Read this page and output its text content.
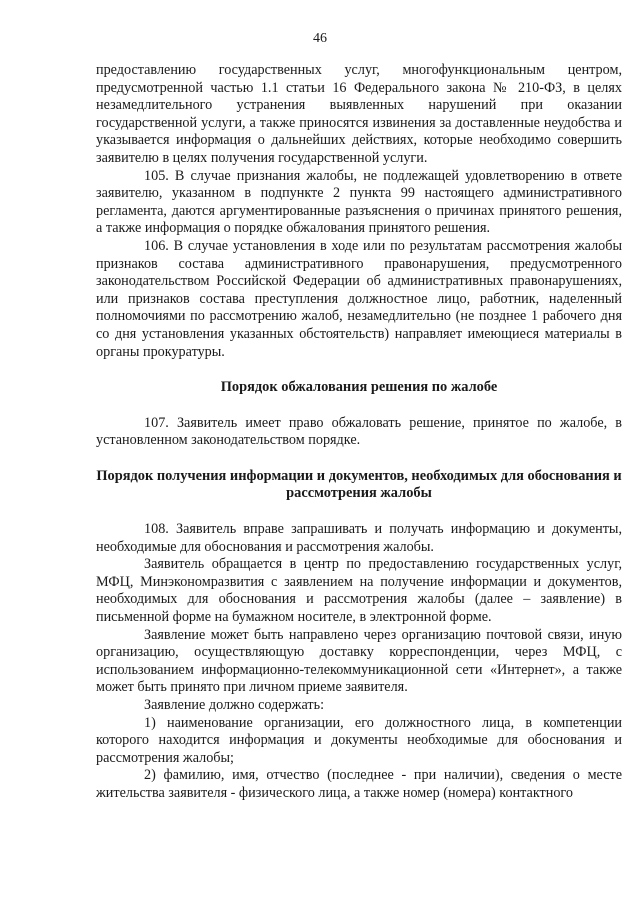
46

предоставлению государственных услуг, многофункциональным центром, предусмотренной частью 1.1 статьи 16 Федерального закона № 210-ФЗ, в целях незамедлительного устранения выявленных нарушений при оказании государственной услуги, а также приносятся извинения за доставленные неудобства и указывается информация о дальнейших действиях, которые необходимо совершить заявителю в целях получения государственной услуги.

105. В случае признания жалобы, не подлежащей удовлетворению в ответе заявителю, указанном в подпункте 2 пункта 99 настоящего административного регламента, даются аргументированные разъяснения о причинах принятого решения, а также информация о порядке обжалования принятого решения.

106. В случае установления в ходе или по результатам рассмотрения жалобы признаков состава административного правонарушения, предусмотренного законодательством Российской Федерации об административных правонарушениях, или признаков состава преступления должностное лицо, работник, наделенный полномочиями по рассмотрению жалоб, незамедлительно (не позднее 1 рабочего дня со дня установления указанных обстоятельств) направляет имеющиеся материалы в органы прокуратуры.

Порядок обжалования решения по жалобе

107. Заявитель имеет право обжаловать решение, принятое по жалобе, в установленном законодательством порядке.

Порядок получения информации и документов, необходимых для обоснования и рассмотрения жалобы

108. Заявитель вправе запрашивать и получать информацию и документы, необходимые для обоснования и рассмотрения жалобы.

Заявитель обращается в центр по предоставлению государственных услуг, МФЦ, Минэкономразвития с заявлением на получение информации и документов, необходимых для обоснования и рассмотрения жалобы (далее – заявление) в письменной форме на бумажном носителе, в электронной форме.

Заявление может быть направлено через организацию почтовой связи, иную организацию, осуществляющую доставку корреспонденции, через МФЦ, с использованием информационно-телекоммуникационной сети «Интернет», а также может быть принято при личном приеме заявителя.

Заявление должно содержать:

1) наименование организации, его должностного лица, в компетенции которого находится информация и документы необходимые для обоснования и рассмотрения жалобы;

2) фамилию, имя, отчество (последнее - при наличии), сведения о месте жительства заявителя - физического лица, а также номер (номера) контактного
